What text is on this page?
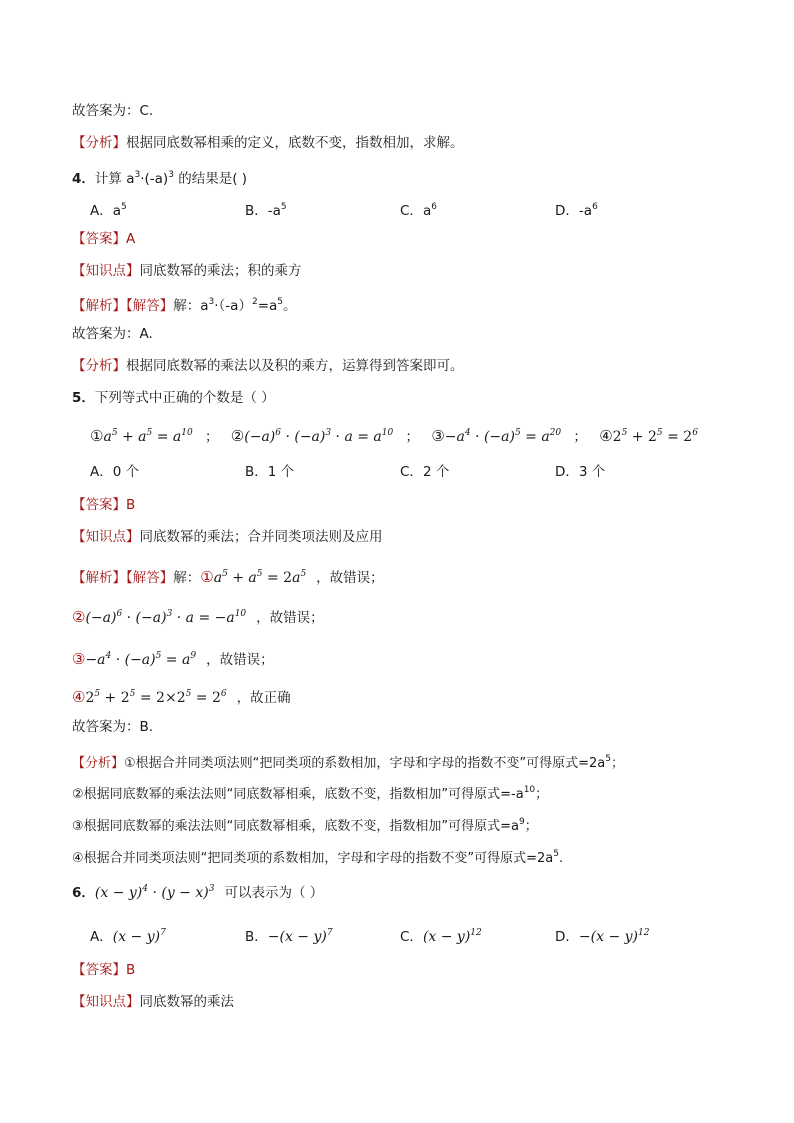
故答案为：C.
【分析】根据同底数幂相乘的定义，底数不变，指数相加，求解。
4．计算 $a^3\cdot(-a)^3$ 的结果是( )
A．$a^5$	B．$-a^5$	C．$a^6$	D．$-a^6$
【答案】A
【知识点】同底数幂的乘法；积的乘方
【解析】【解答】解：$a^3\cdot(-a)^2=a^5$。
故答案为：A.
【分析】根据同底数幂的乘法以及积的乘方，运算得到答案即可。
5．下列等式中正确的个数是（ ）
$①a^5 + a^5 = a^{10}$ ； $②(-a)^6 \cdot (-a)^3 \cdot a = a^{10}$ ； $③-a^4 \cdot (-a)^5 = a^{20}$ ； $④2^5 + 2^5 = 2^6$
A．0 个	B．1 个	C．2 个	D．3 个
【答案】B
【知识点】同底数幂的乘法；合并同类项法则及应用
【解析】【解答】解：$①a^5 + a^5 = 2a^5$ ，故错误；
$②(-a)^6 \cdot (-a)^3 \cdot a = -a^{10}$ ，故错误；
$③-a^4 \cdot (-a)^5 = a^9$ ，故错误；
$④2^5 + 2^5 = 2\times 2^5 = 2^6$ ，故正确
故答案为：B.
【分析】①根据合并同类项法则“把同类项的系数相加，字母和字母的指数不变”可得原式$=2a^5$；
②根据同底数幂的乘法法则“同底数幂相乘，底数不变，指数相加”可得原式$=-a^{10}$；
③根据同底数幂的乘法法则“同底数幂相乘，底数不变，指数相加”可得原式$=a^9$；
④根据合并同类项法则“把同类项的系数相加，字母和字母的指数不变”可得原式$=2a^5$.
6．$(x - y)^4 \cdot (y - x)^3$ 可以表示为（ ）
A．$(x - y)^7$	B．$-(x - y)^7$	C．$(x - y)^{12}$	D．$-(x - y)^{12}$
【答案】B
【知识点】同底数幂的乘法
